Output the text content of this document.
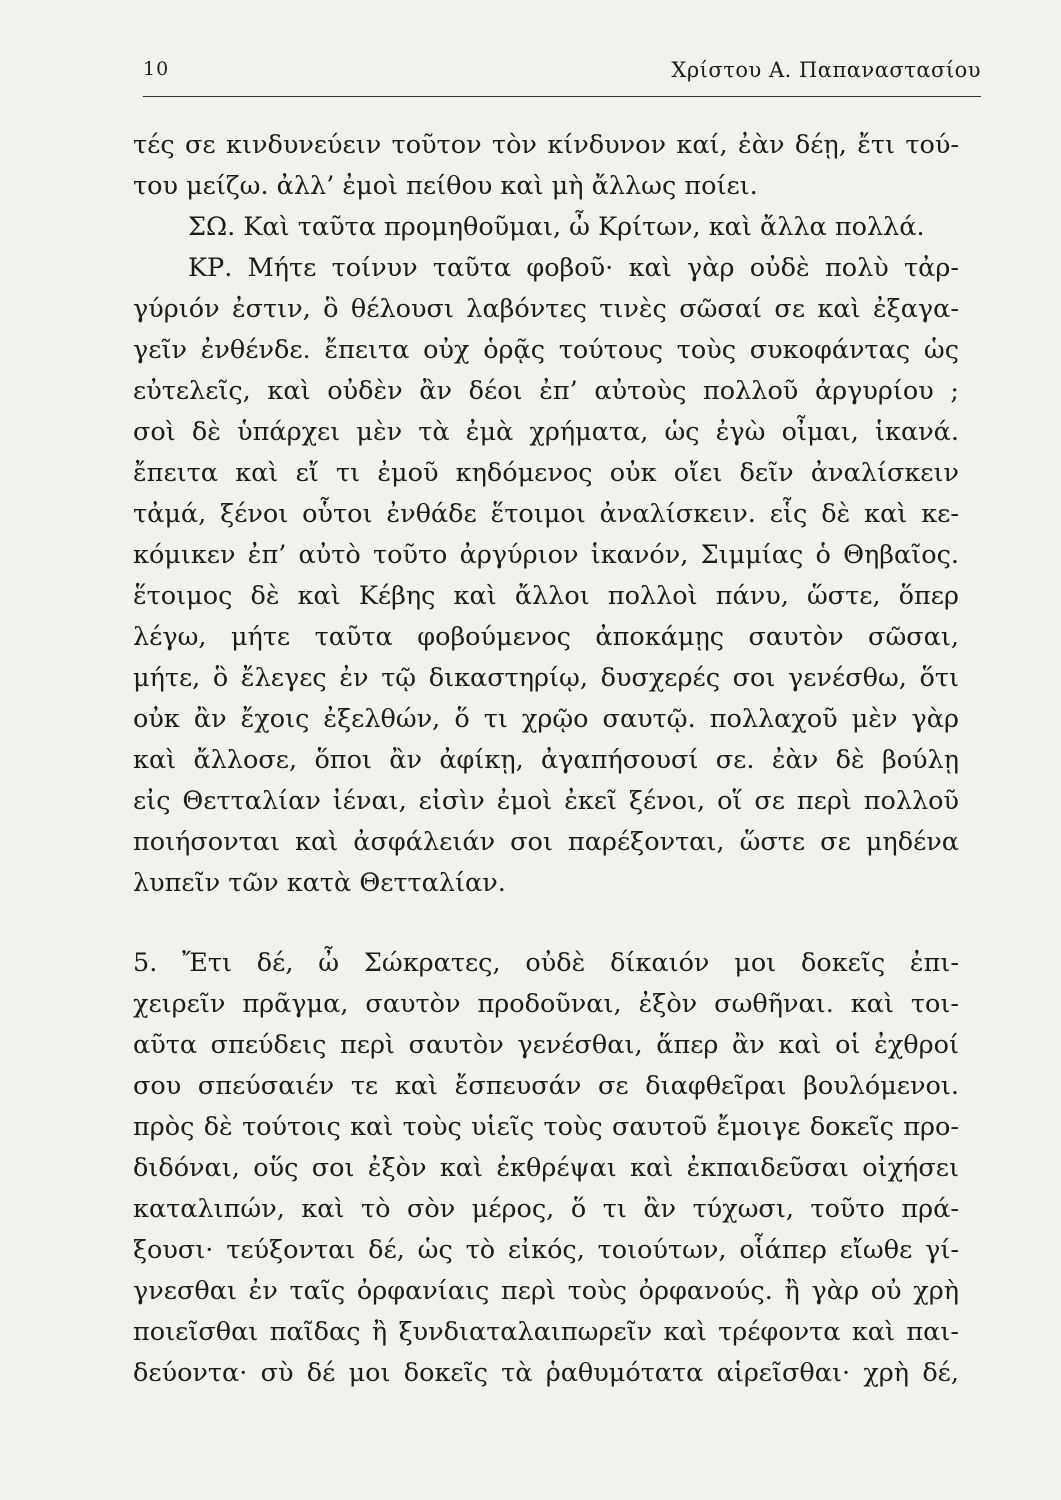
10	Χρίστου Α. Παπαναστασίου
τές σε κινδυνεύειν τοῦτον τὸν κίνδυνον καί, ἐὰν δέῃ, ἔτι τού-
του μείζω. ἀλλ’ ἐμοὶ πείθου καὶ μὴ ἄλλως ποίει.
ΣΩ. Καὶ ταῦτα προμηθοῦμαι, ὦ Κρίτων, καὶ ἄλλα πολλά.
ΚΡ. Μήτε τοίνυν ταῦτα φοβοῦ· καὶ γὰρ οὐδὲ πολὺ τἀρ-
γύριόν ἐστιν, ὃ θέλουσι λαβόντες τινὲς σῶσαί σε καὶ ἐξαγα-
γεῖν ἐνθένδε. ἔπειτα οὐχ ὁρᾷς τούτους τοὺς συκοφάντας ὡς
εὐτελεῖς, καὶ οὐδὲν ἂν δέοι ἐπ’ αὐτοὺς πολλοῦ ἀργυρίου ;
σοὶ δὲ ὑπάρχει μὲν τὰ ἐμὰ χρήματα, ὡς ἐγὼ οἶμαι, ἱκανά.
ἔπειτα καὶ εἴ τι ἐμοῦ κηδόμενος οὐκ οἴει δεῖν ἀναλίσκειν
τἀμά, ξένοι οὗτοι ἐνθάδε ἕτοιμοι ἀναλίσκειν. εἷς δὲ καὶ κε-
κόμικεν ἐπ’ αὐτὸ τοῦτο ἀργύριον ἱκανόν, Σιμμίας ὁ Θηβαῖος.
ἕτοιμος δὲ καὶ Κέβης καὶ ἄλλοι πολλοὶ πάνυ, ὥστε, ὅπερ
λέγω, μήτε ταῦτα φοβούμενος ἀποκάμῃς σαυτὸν σῶσαι,
μήτε, ὃ ἔλεγες ἐν τῷ δικαστηρίῳ, δυσχερές σοι γενέσθω, ὅτι
οὐκ ἂν ἔχοις ἐξελθών, ὅ τι χρῷο σαυτῷ. πολλαχοῦ μὲν γὰρ
καὶ ἄλλοσε, ὅποι ἂν ἀφίκῃ, ἀγαπήσουσί σε. ἐὰν δὲ βούλῃ
εἰς Θετταλίαν ἰέναι, εἰσὶν ἐμοὶ ἐκεῖ ξένοι, οἵ σε περὶ πολλοῦ
ποιήσονται καὶ ἀσφάλειάν σοι παρέξονται, ὥστε σε μηδένα
λυπεῖν τῶν κατὰ Θετταλίαν.
5. Ἔτι δέ, ὦ Σώκρατες, οὐδὲ δίκαιόν μοι δοκεῖς ἐπι-
χειρεῖν πρᾶγμα, σαυτὸν προδοῦναι, ἐξὸν σωθῆναι. καὶ τοι-
αῦτα σπεύδεις περὶ σαυτὸν γενέσθαι, ἅπερ ἂν καὶ οἱ ἐχθροί
σου σπεύσαιέν τε καὶ ἔσπευσάν σε διαφθεῖραι βουλόμενοι.
πρὸς δὲ τούτοις καὶ τοὺς υἱεῖς τοὺς σαυτοῦ ἔμοιγε δοκεῖς προ-
διδόναι, οὕς σοι ἐξὸν καὶ ἐκθρέψαι καὶ ἐκπαιδεῦσαι οἰχήσει
καταλιπών, καὶ τὸ σὸν μέρος, ὅ τι ἂν τύχωσι, τοῦτο πρά-
ξουσι· τεύξονται δέ, ὡς τὸ εἰκός, τοιούτων, οἷάπερ εἴωθε γί-
γνεσθαι ἐν ταῖς ὀρφανίαις περὶ τοὺς ὀρφανούς. ἢ γὰρ οὐ χρὴ
ποιεῖσθαι παῖδας ἢ ξυνδιαταλαιπωρεῖν καὶ τρέφοντα καὶ παι-
δεύοντα· σὺ δέ μοι δοκεῖς τὰ ῥαθυμότατα αἱρεῖσθαι· χρὴ δέ,
